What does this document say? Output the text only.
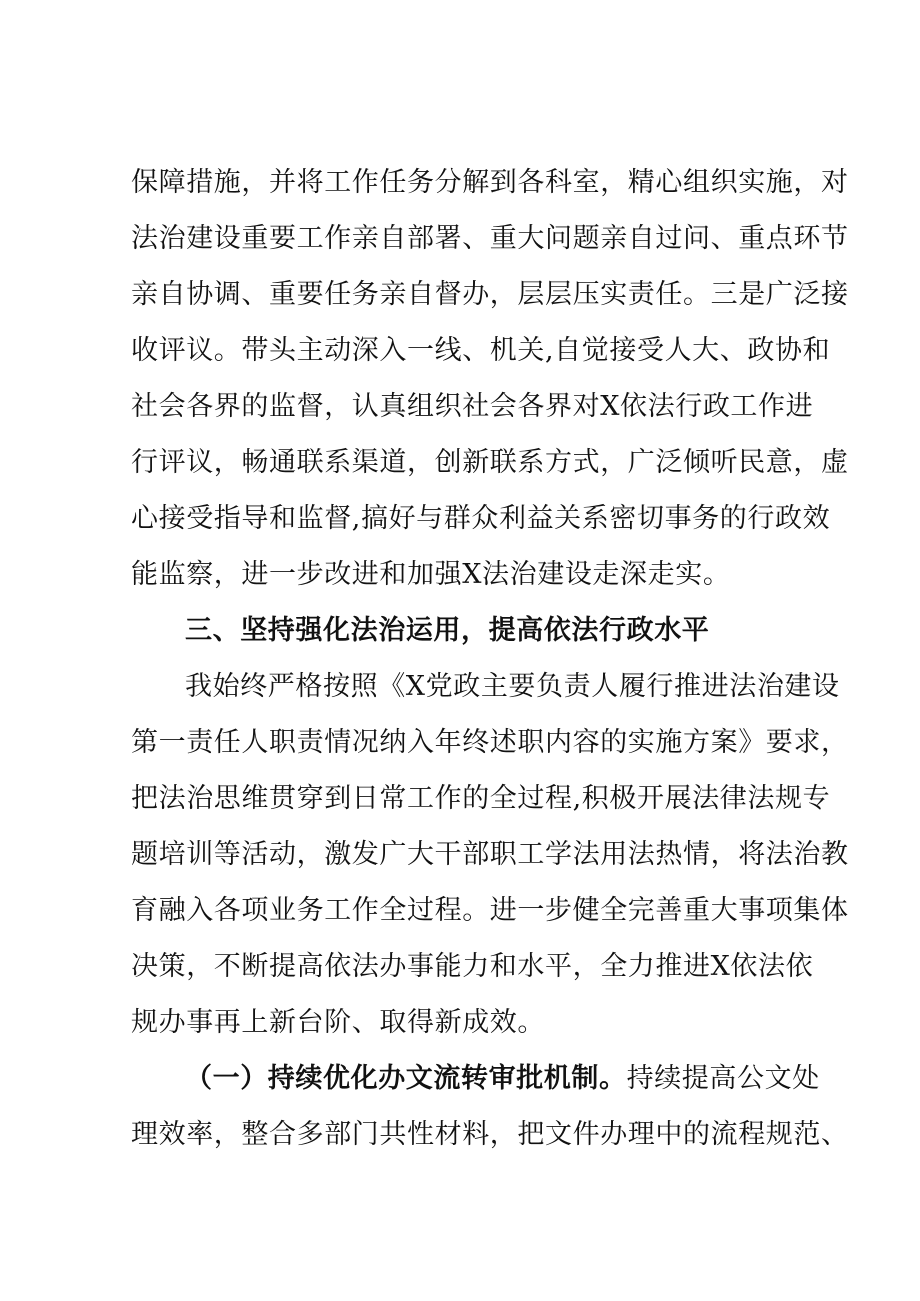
保障措施，并将工作任务分解到各科室，精心组织实施，对
法治建设重要工作亲自部署、重大问题亲自过问、重点环节
亲自协调、重要任务亲自督办，层层压实责任。三是广泛接
收评议。带头主动深入一线、机关,自觉接受人大、政协和
社会各界的监督，认真组织社会各界对X依法行政工作进
行评议，畅通联系渠道，创新联系方式，广泛倾听民意，虚
心接受指导和监督,搞好与群众利益关系密切事务的行政效
能监察，进一步改进和加强X法治建设走深走实。
三、坚持强化法治运用，提高依法行政水平
我始终严格按照《X党政主要负责人履行推进法治建设
第一责任人职责情况纳入年终述职内容的实施方案》要求，
把法治思维贯穿到日常工作的全过程,积极开展法律法规专
题培训等活动，激发广大干部职工学法用法热情，将法治教
育融入各项业务工作全过程。进一步健全完善重大事项集体
决策，不断提高依法办事能力和水平，全力推进X依法依
规办事再上新台阶、取得新成效。
（一）持续优化办文流转审批机制。持续提高公文处
理效率，整合多部门共性材料，把文件办理中的流程规范、
